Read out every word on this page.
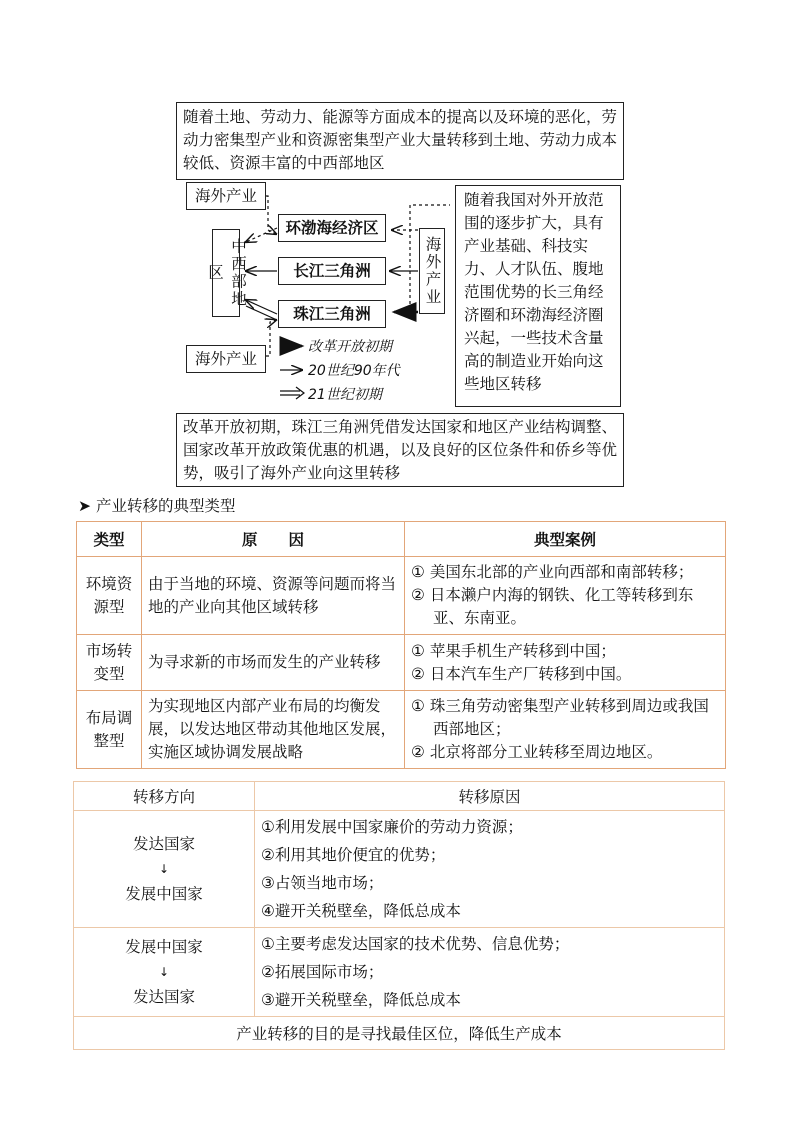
随着土地、劳动力、能源等方面成本的提高以及环境的恶化，劳动力密集型产业和资源密集型产业大量转移到土地、劳动力成本较低、资源丰富的中西部地区
海外产业
中西部地区
海外产业
环渤海经济区
长江三角洲
珠江三角洲
海外产业
随着我国对外开放范围的逐步扩大，具有产业基础、科技实力、人才队伍、腹地范围优势的长三角经济圈和环渤海经济圈兴起，一些技术含量高的制造业开始向这些地区转移
改革开放初期
20世纪90年代
21世纪初期
改革开放初期，珠江三角洲凭借发达国家和地区产业结构调整、国家改革开放政策优惠的机遇，以及良好的区位条件和侨乡等优势，吸引了海外产业向这里转移
➤ 产业转移的典型类型
类型	原　　因	典型案例
环境资源型	由于当地的环境、资源等问题而将当地的产业向其他区域转移	① 美国东北部的产业向西部和南部转移；
② 日本濑户内海的钢铁、化工等转移到东亚、东南亚。

市场转变型	为寻求新的市场而发生的产业转移	① 苹果手机生产转移到中国；
② 日本汽车生产厂转移到中国。

布局调整型	为实现地区内部产业布局的均衡发展，以发达地区带动其他地区发展，实施区域协调发展战略	① 珠三角劳动密集型产业转移到周边或我国西部地区；
② 北京将部分工业转移至周边地区。
转移方向	转移原因

发达国家
↓
发展中国家	①利用发展中国家廉价的劳动力资源；
②利用其地价便宜的优势；
③占领当地市场；
④避开关税壁垒，降低总成本

发展中国家
↓
发达国家	①主要考虑发达国家的技术优势、信息优势；
②拓展国际市场；
③避开关税壁垒，降低总成本

产业转移的目的是寻找最佳区位，降低生产成本	
